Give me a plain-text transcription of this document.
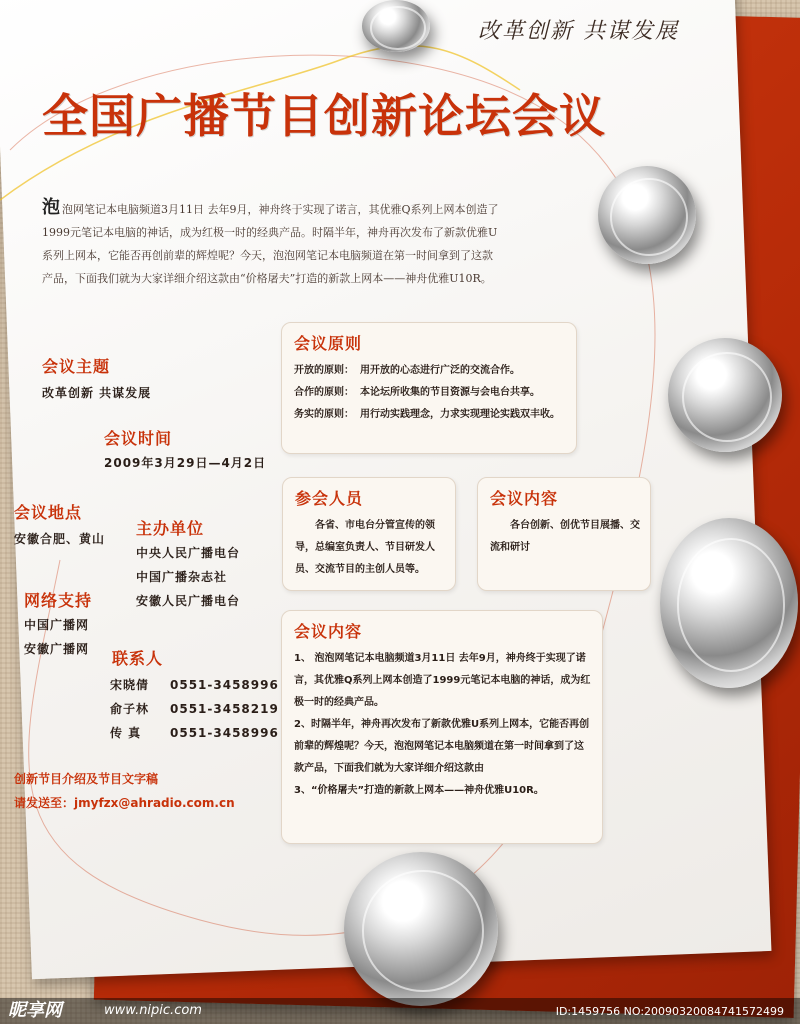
改革创新 共谋发展
全国广播节目创新论坛会议
泡泡网笔记本电脑频道3月11日 去年9月，神舟终于实现了诺言，其优雅Q系列上网本创造了1999元笔记本电脑的神话，成为红极一时的经典产品。时隔半年，神舟再次发布了新款优雅U系列上网本，它能否再创前辈的辉煌呢？今天，泡泡网笔记本电脑频道在第一时间拿到了这款产品，下面我们就为大家详细介绍这款由“价格屠夫”打造的新款上网本——神舟优雅U10R。
会议主题
改革创新 共谋发展
会议时间
2009年3月29日—4月2日
会议地点
安徽合肥、黄山
主办单位
中央人民广播电台
中国广播杂志社
安徽人民广播电台
网络支持
中国广播网
安徽广播网 联系人
宋晓倩 0551-3458996
俞子林 0551-3458219
传 真 0551-3458996
创新节目介绍及节目文字稿
请发送至：jmyfzx@ahradio.com.cn
会议原则
开放的原则： 用开放的心态进行广泛的交流合作。
合作的原则： 本论坛所收集的节目资源与会电台共享。
务实的原则： 用行动实践理念，力求实现理论实践双丰收。
参会人员
各省、市电台分管宣传的领导，总编室负责人、节目研发人员、交流节目的主创人员等。
会议内容
各台创新、创优节目展播、交流和研讨
会议内容
1、 泡泡网笔记本电脑频道3月11日 去年9月，神舟终于实现了诺言，其优雅Q系列上网本创造了1999元笔记本电脑的神话，成为红极一时的经典产品。
2、时隔半年，神舟再次发布了新款优雅U系列上网本，它能否再创前辈的辉煌呢？今天，泡泡网笔记本电脑频道在第一时间拿到了这款产品，下面我们就为大家详细介绍这款由
3、“价格屠夫”打造的新款上网本——神舟优雅U10R。
昵享网	www.nipic.com	ID:1459756 NO:20090320084741572499
